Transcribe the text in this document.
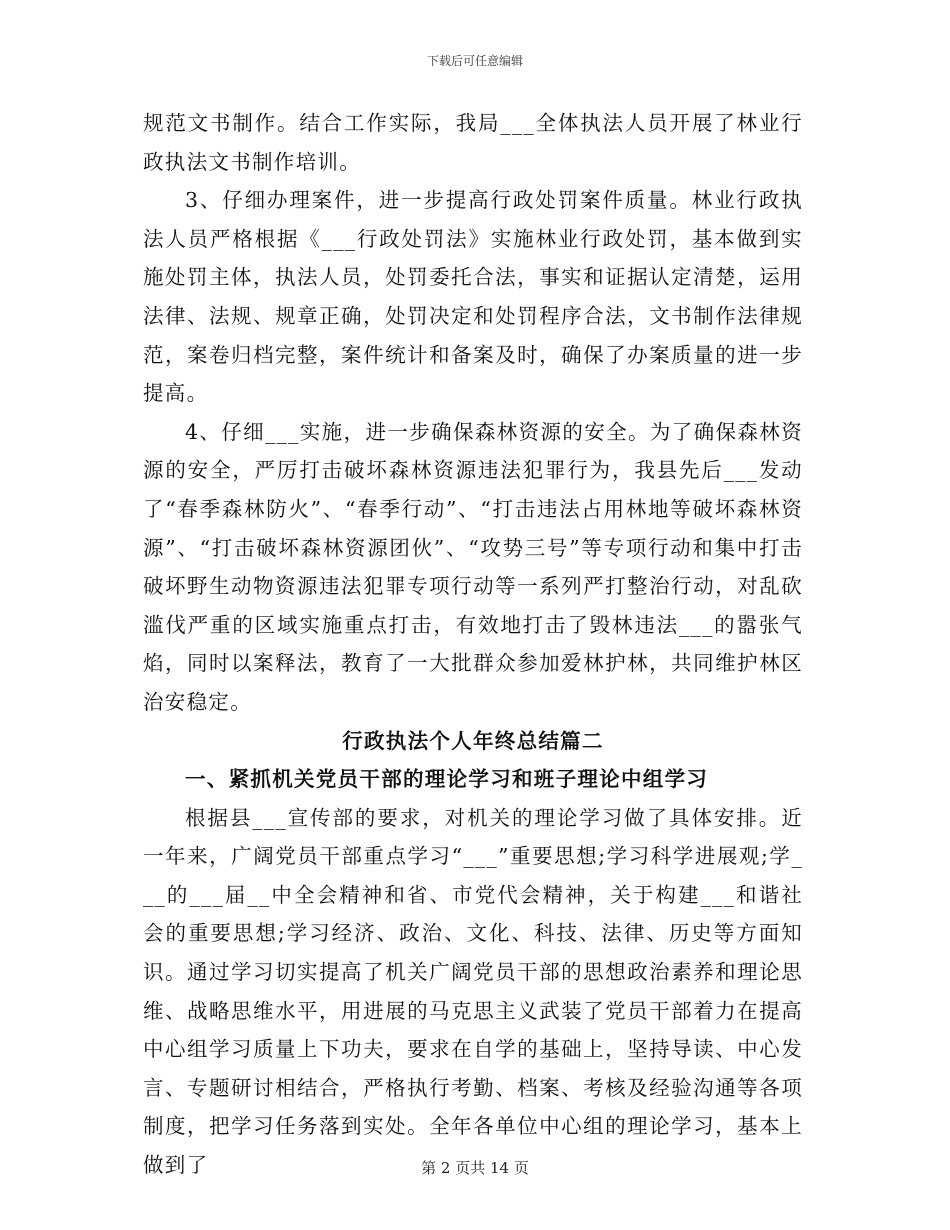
下载后可任意编辑

规范文书制作。结合工作实际，我局___全体执法人员开展了林业行政执法文书制作培训。

3、仔细办理案件，进一步提高行政处罚案件质量。林业行政执法人员严格根据《___行政处罚法》实施林业行政处罚，基本做到实施处罚主体，执法人员，处罚委托合法，事实和证据认定清楚，运用法律、法规、规章正确，处罚决定和处罚程序合法，文书制作法律规范，案卷归档完整，案件统计和备案及时，确保了办案质量的进一步提高。

4、仔细___实施，进一步确保森林资源的安全。为了确保森林资源的安全，严厉打击破坏森林资源违法犯罪行为，我县先后___发动了“春季森林防火”、“春季行动”、“打击违法占用林地等破坏森林资源”、“打击破坏森林资源团伙”、“攻势三号”等专项行动和集中打击破坏野生动物资源违法犯罪专项行动等一系列严打整治行动，对乱砍滥伐严重的区域实施重点打击，有效地打击了毁林违法___的嚣张气焰，同时以案释法，教育了一大批群众参加爱林护林，共同维护林区治安稳定。

行政执法个人年终总结篇二

一、紧抓机关党员干部的理论学习和班子理论中组学习

根据县___宣传部的要求，对机关的理论学习做了具体安排。近一年来，广阔党员干部重点学习“___”重要思想;学习科学进展观;学___的___届__中全会精神和省、市党代会精神，关于构建___和谐社会的重要思想;学习经济、政治、文化、科技、法律、历史等方面知识。通过学习切实提高了机关广阔党员干部的思想政治素养和理论思维、战略思维水平，用进展的马克思主义武装了党员干部着力在提高中心组学习质量上下功夫，要求在自学的基础上，坚持导读、中心发言、专题研讨相结合，严格执行考勤、档案、考核及经验沟通等各项制度，把学习任务落到实处。全年各单位中心组的理论学习，基本上做到了	第 2 页共 14 页
